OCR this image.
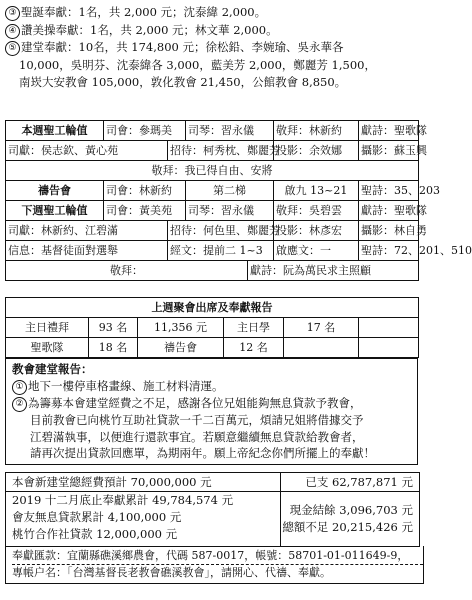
③ 聖誕奉獻：1名，共 2,000 元；沈泰緯 2,000。
④ 讚美操奉獻：1名，共 2,000 元；林文華 2,000。
⑤ 建堂奉獻：10名，共 174,800 元；徐松鉛、李婉瑜、吳永華各
10,000，吳明芬、沈泰緯各 3,000，藍美芳 2,000，鄭麗芳 1,500，
南崁大安教會 105,000，敦化教會 21,450，公館教會 8,850。
本週聖工輪值	司會：參瑪美		司琴：習永儀		敬拜：林新約	獻詩：聖歌隊
司獻：侯志欽、黃心苑		招待：柯秀枕、鄭麗芳			投影：余效娜	攝影：蘇玉興
敬拜：我已得自由、安將						
禱告會	司會：林新約		第二梯		啟九 13~21	聖詩：35、203
下週聖工輪值	司會：黃美苑		司琴：習永儀		敬拜：吳碧雲	獻詩：聖歌隊
司獻：林新約、江碧滿		招待：何色里、鄭麗芳			投影：林彥宏	攝影：林自勇
信息：基督徒面對選舉		經文：提前二 1~3			啟應文：一	聖詩：72、201、510
敬拜：				獻詩：阮為萬民求主照顧		
上週聚會出席及奉獻報告					
主日禮拜	93 名	11,356 元	主日學	17 名	
聖歌隊	18 名	禱告會	12 名		
教會建堂報告：
① 地下一樓停車格畫線、施工材料清運。
② 為籌募本會建堂經費之不足，感謝各位兄姐能夠無息貸款予教會，
目前教會已向桃竹互助社貸款一千二百萬元，煩請兄姐將借據交予
江碧滿執事，以便進行還款事宜。若願意繼續無息貸款給教會者，
請再次提出貸款回應單，為期兩年。願上帝紀念你們所擺上的奉獻！
本會新建堂總經費預計 70,000,000 元	已支 62,787,871 元
2019 十二月底止奉獻累計 49,784,574 元
會友無息貸款累計 4,100,000 元
桃竹合作社貸款 12,000,000 元
現金結餘 3,096,703 元
總額不足 20,215,426 元
奉獻匯款：宜蘭縣礁溪鄉農會，代碼 587-0017，帳號：58701-01-011649-9，
專帳户名：「台灣基督長老教會礁溪教會」，請開心、代禱、奉獻。
